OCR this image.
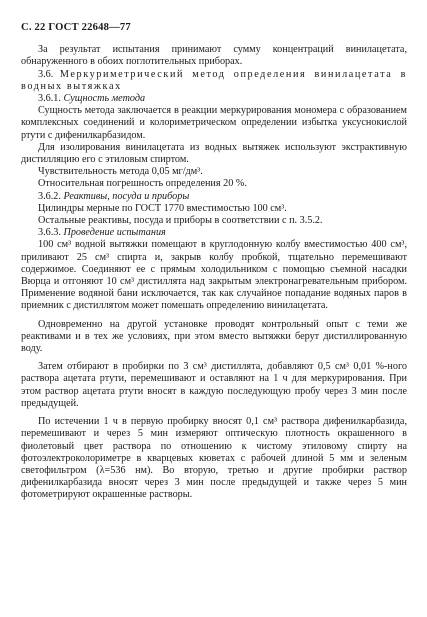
С. 22 ГОСТ 22648—77

За результат испытания принимают сумму концентраций винилацетата, обнаруженного в обоих поглотительных приборах.

3.6. Меркуриметрический метод определения винилацетата в водных вытяжках

3.6.1. Сущность метода

Сущность метода заключается в реакции меркурирования мономера с образованием комплексных соединений и колориметрическом определении избытка уксуснокислой ртути с дифенилкарбазидом.

Для изолирования винилацетата из водных вытяжек используют экстрактивную дистилляцию его с этиловым спиртом.

Чувствительность метода 0,05 мг/дм³.

Относительная погрешность определения 20 %.

3.6.2. Реактивы, посуда и приборы

Цилиндры мерные по ГОСТ 1770 вместимостью 100 см³.

Остальные реактивы, посуда и приборы в соответствии с п. 3.5.2.

3.6.3. Проведение испытания

100 см³ водной вытяжки помещают в круглодонную колбу вместимостью 400 см³, приливают 25 см³ спирта и, закрыв колбу пробкой, тщательно перемешивают содержимое. Соединяют ее с прямым холодильником с помощью съемной насадки Вюрца и отгоняют 10 см³ дистиллята над закрытым электронагревательным прибором. Применение водяной бани исключается, так как случайное попадание водяных паров в приемник с дистиллятом может помешать определению винилацетата.

Одновременно на другой установке проводят контрольный опыт с теми же реактивами и в тех же условиях, при этом вместо вытяжки берут дистиллированную воду.

Затем отбирают в пробирки по 3 см³ дистиллята, добавляют 0,5 см³ 0,01 %-ного раствора ацетата ртути, перемешивают и оставляют на 1 ч для меркурирования. При этом раствор ацетата ртути вносят в каждую последующую пробу через 3 мин после предыдущей.

По истечении 1 ч в первую пробирку вносят 0,1 см³ раствора дифенилкарбазида, перемешивают и через 5 мин измеряют оптическую плотность окрашенного в фиолетовый цвет раствора по отношению к чистому этиловому спирту на фотоэлектроколориметре в кварцевых кюветах с рабочей длиной 5 мм и зеленым светофильтром (λ=536 нм). Во вторую, третью и другие пробирки раствор дифенилкарбазида вносят через 3 мин после предыдущей и также через 5 мин фотометрируют окрашенные растворы.
